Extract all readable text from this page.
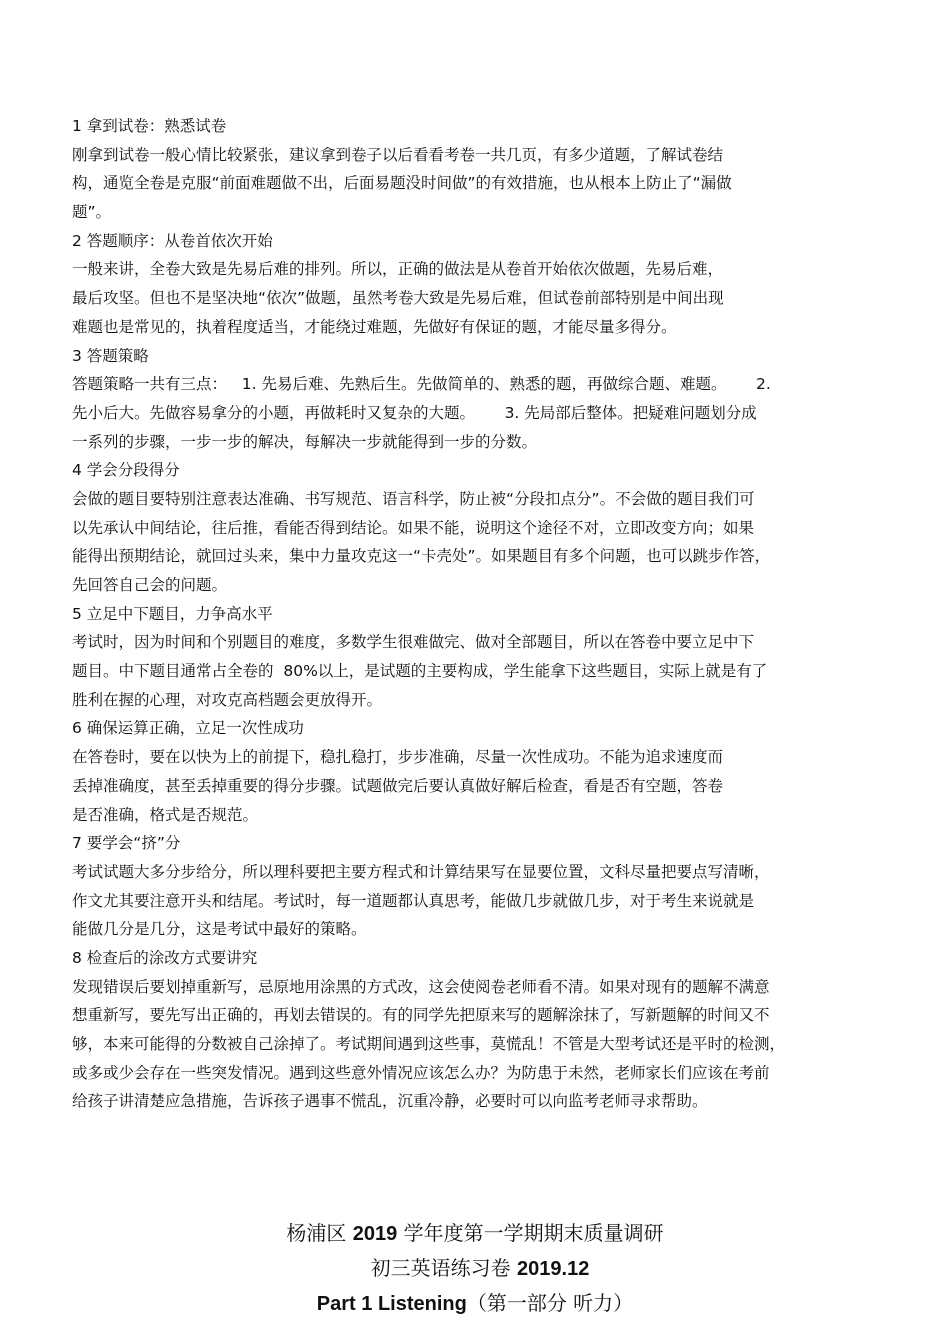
1 拿到试卷：熟悉试卷
刚拿到试卷一般心情比较紧张，建议拿到卷子以后看看考卷一共几页，有多少道题，了解试卷结
构，通览全卷是克服“前面难题做不出，后面易题没时间做”的有效措施，也从根本上防止了“漏做
题”。
2 答题顺序：从卷首依次开始
一般来讲，全卷大致是先易后难的排列。所以，正确的做法是从卷首开始依次做题，先易后难，
最后攻坚。但也不是坚决地“依次”做题，虽然考卷大致是先易后难，但试卷前部特别是中间出现
难题也是常见的，执着程度适当，才能绕过难题，先做好有保证的题，才能尽量多得分。
3 答题策略
答题策略一共有三点：   1. 先易后难、先熟后生。先做简单的、熟悉的题，再做综合题、难题。      2.
先小后大。先做容易拿分的小题，再做耗时又复杂的大题。      3. 先局部后整体。把疑难问题划分成
一系列的步骤，一步一步的解决，每解决一步就能得到一步的分数。
4 学会分段得分
会做的题目要特别注意表达准确、书写规范、语言科学，防止被“分段扣点分”。不会做的题目我们可
以先承认中间结论，往后推，看能否得到结论。如果不能，说明这个途径不对，立即改变方向；如果
能得出预期结论，就回过头来，集中力量攻克这一“卡壳处”。如果题目有多个问题，也可以跳步作答，
先回答自己会的问题。
5 立足中下题目，力争高水平
考试时，因为时间和个别题目的难度，多数学生很难做完、做对全部题目，所以在答卷中要立足中下
题目。中下题目通常占全卷的  80%以上，是试题的主要构成，学生能拿下这些题目，实际上就是有了
胜利在握的心理，对攻克高档题会更放得开。
6 确保运算正确，立足一次性成功
在答卷时，要在以快为上的前提下，稳扎稳打，步步准确，尽量一次性成功。不能为追求速度而
丢掉准确度，甚至丢掉重要的得分步骤。试题做完后要认真做好解后检查，看是否有空题，答卷
是否准确，格式是否规范。
7 要学会“挤”分
考试试题大多分步给分，所以理科要把主要方程式和计算结果写在显要位置，文科尽量把要点写清晰，
作文尤其要注意开头和结尾。考试时，每一道题都认真思考，能做几步就做几步，对于考生来说就是
能做几分是几分，这是考试中最好的策略。
8 检查后的涂改方式要讲究
发现错误后要划掉重新写，忌原地用涂黑的方式改，这会使阅卷老师看不清。如果对现有的题解不满意
想重新写，要先写出正确的，再划去错误的。有的同学先把原来写的题解涂抹了，写新题解的时间又不
够，本来可能得的分数被自己涂掉了。考试期间遇到这些事，莫慌乱！不管是大型考试还是平时的检测，
或多或少会存在一些突发情况。遇到这些意外情况应该怎么办？为防患于未然，老师家长们应该在考前
给孩子讲清楚应急措施，告诉孩子遇事不慌乱，沉重冷静，必要时可以向监考老师寻求帮助。
杨浦区 2019 学年度第一学期期末质量调研
初三英语练习卷 2019.12
Part 1 Listening（第一部分 听力）
